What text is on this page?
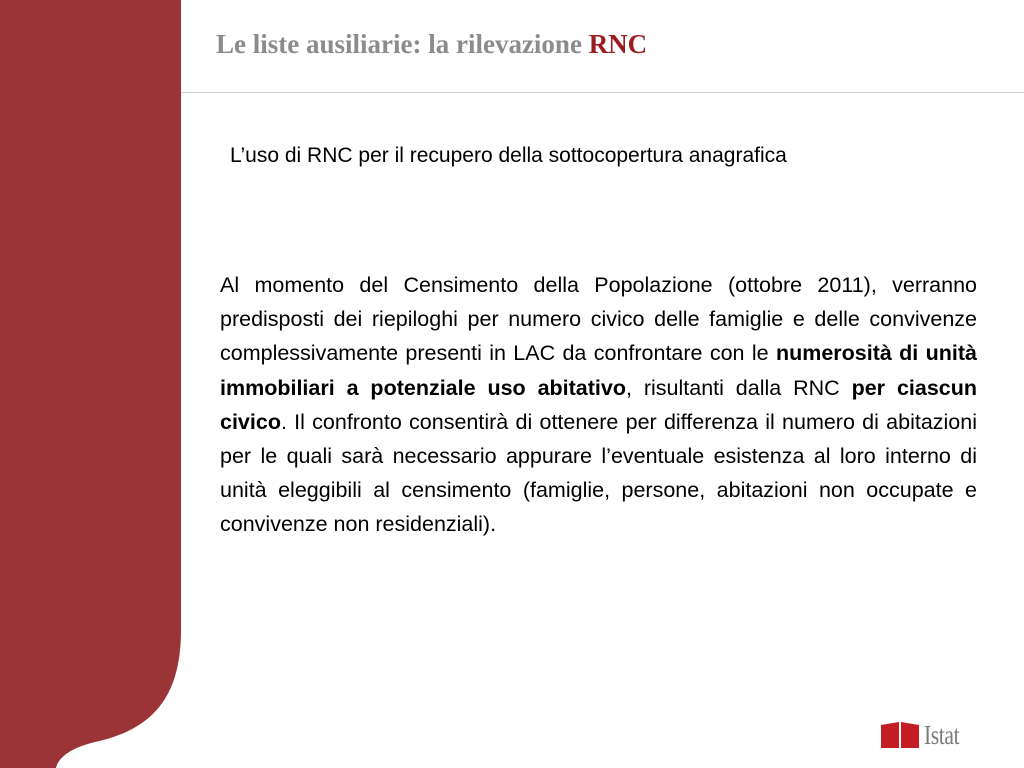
Le liste ausiliarie: la rilevazione RNC

L’uso di RNC per il recupero della sottocopertura anagrafica

Al momento del Censimento della Popolazione (ottobre 2011), verranno predisposti dei riepiloghi per numero civico delle famiglie e delle convivenze complessivamente presenti in LAC da confrontare con le numerosità di unità immobiliari a potenziale uso abitativo, risultanti dalla RNC per ciascun civico. Il confronto consentirà di ottenere per differenza il numero di abitazioni per le quali sarà necessario appurare l’eventuale esistenza al loro interno di unità eleggibili al censimento (famiglie, persone, abitazioni non occupate e convivenze non residenziali).

Istat
